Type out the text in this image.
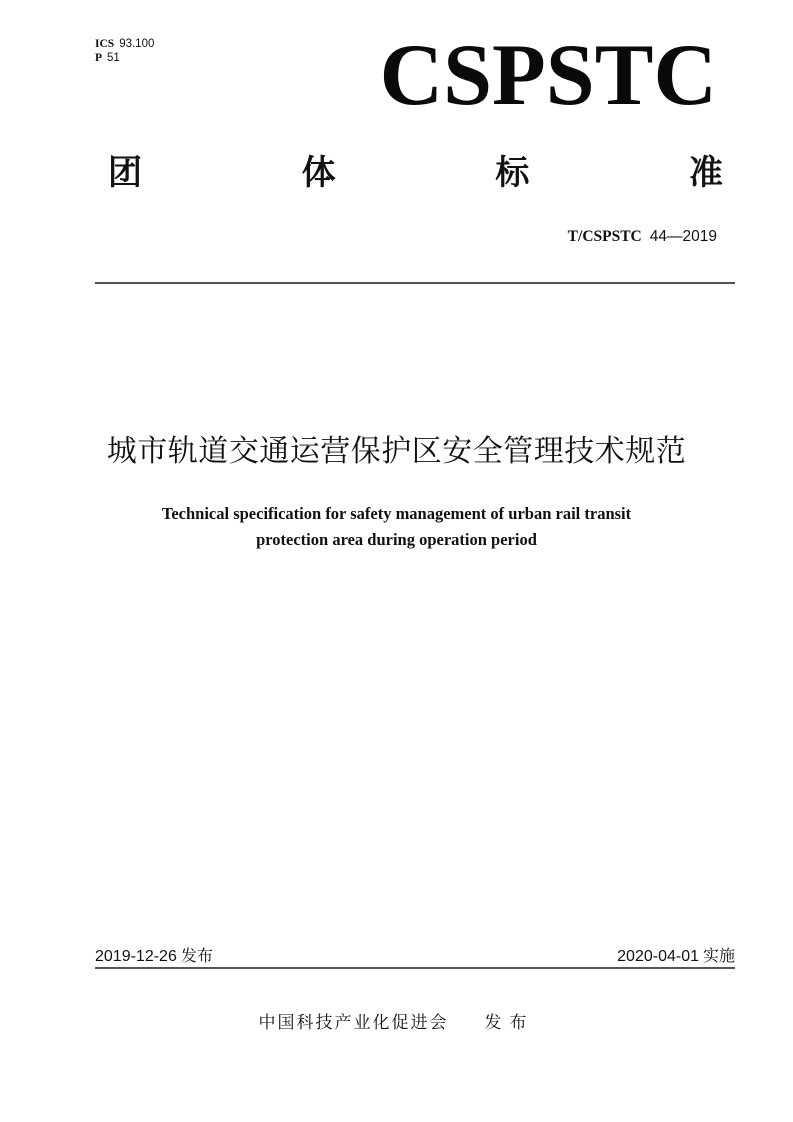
ICS 93.100
P 51	CSPSTC
团	体	标	准
T/CSPSTC 44—2019
城市轨道交通运营保护区安全管理技术规范
Technical specification for safety management of urban rail transit
protection area during operation period
2019-12-26 发布	2020-04-01 实施
中国科技产业化促进会 发布
